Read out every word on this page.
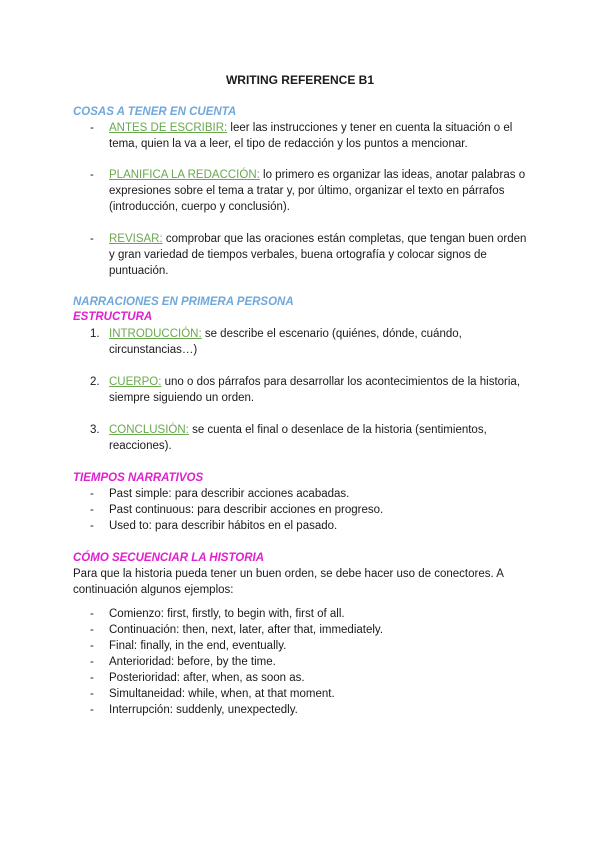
WRITING REFERENCE B1
COSAS A TENER EN CUENTA
- ANTES DE ESCRIBIR: leer las instrucciones y tener en cuenta la situación o el tema, quien la va a leer, el tipo de redacción y los puntos a mencionar.
- PLANIFICA LA REDACCIÓN: lo primero es organizar las ideas, anotar palabras o expresiones sobre el tema a tratar y, por último, organizar el texto en párrafos (introducción, cuerpo y conclusión).
- REVISAR: comprobar que las oraciones están completas, que tengan buen orden y gran variedad de tiempos verbales, buena ortografía y colocar signos de puntuación.
NARRACIONES EN PRIMERA PERSONA
ESTRUCTURA
1. INTRODUCCIÓN: se describe el escenario (quiénes, dónde, cuándo, circunstancias…)
2. CUERPO: uno o dos párrafos para desarrollar los acontecimientos de la historia, siempre siguiendo un orden.
3. CONCLUSIÓN: se cuenta el final o desenlace de la historia (sentimientos, reacciones).
TIEMPOS NARRATIVOS
- Past simple: para describir acciones acabadas.
- Past continuous: para describir acciones en progreso.
- Used to: para describir hábitos en el pasado.
CÓMO SECUENCIAR LA HISTORIA
Para que la historia pueda tener un buen orden, se debe hacer uso de conectores. A continuación algunos ejemplos:
- Comienzo: first, firstly, to begin with, first of all.
- Continuación: then, next, later, after that, immediately.
- Final: finally, in the end, eventually.
- Anterioridad: before, by the time.
- Posterioridad: after, when, as soon as.
- Simultaneidad: while, when, at that moment.
- Interrupción: suddenly, unexpectedly.
